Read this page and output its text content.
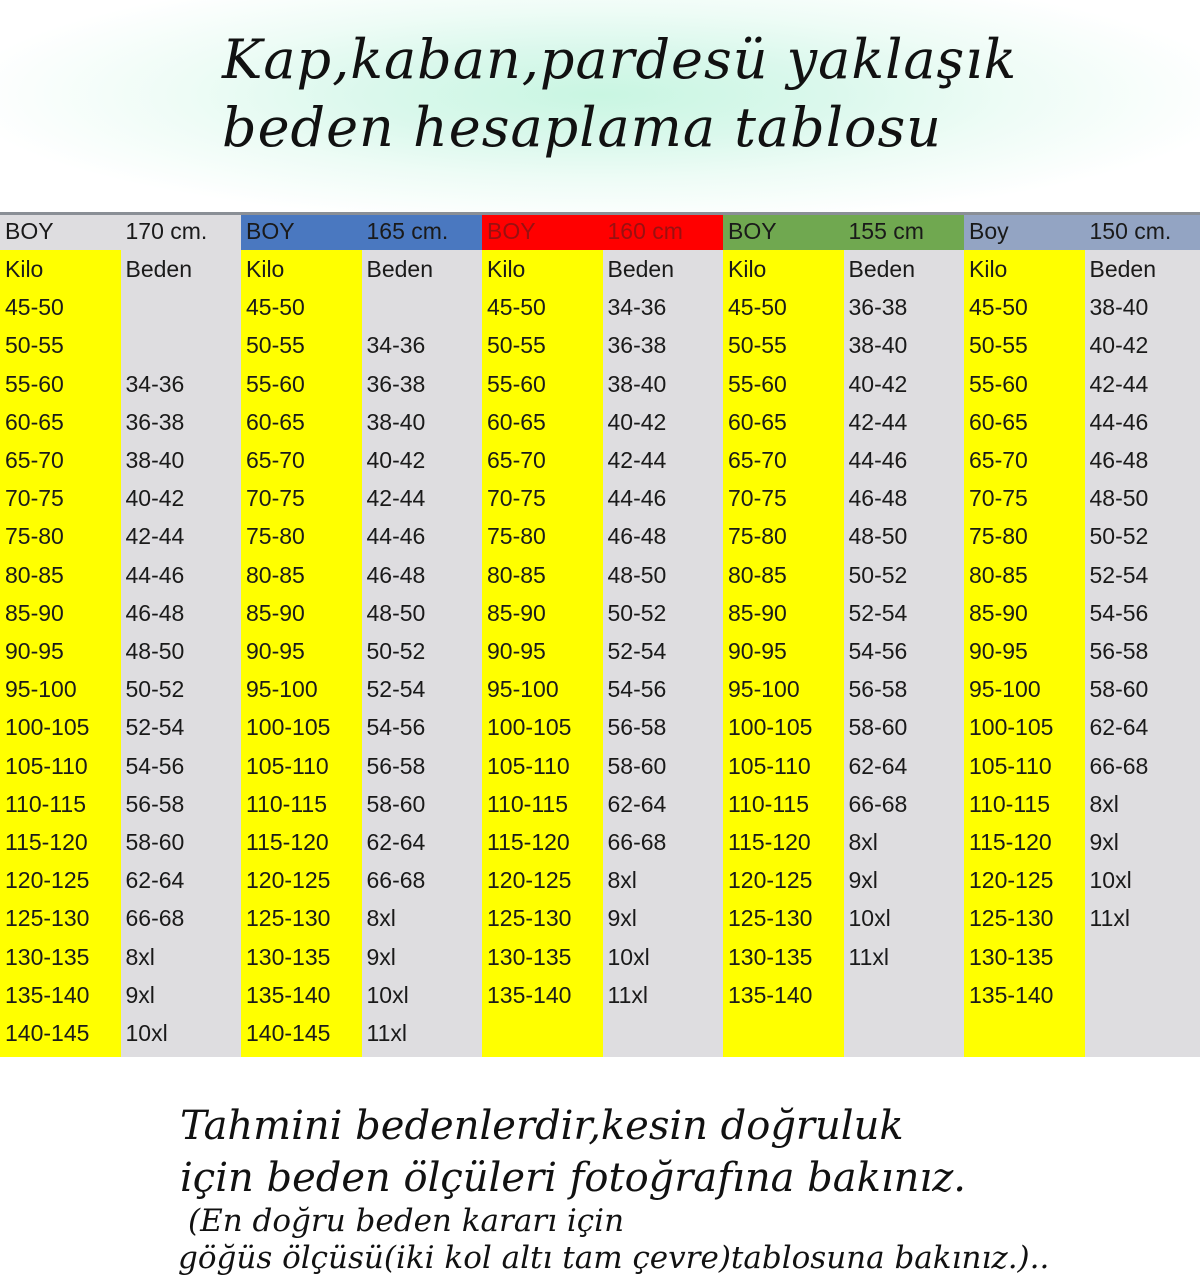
Kap,kaban,pardesü yaklaşık
beden hesaplama tablosu
BOY	170 cm.
Kilo	Beden
45-50
50-55
55-60	34-36
60-65	36-38
65-70	38-40
70-75	40-42
75-80	42-44
80-85	44-46
85-90	46-48
90-95	48-50
95-100 50-52
100-105 52-54
105-110 54-56
110-115 56-58
115-120 58-60
120-125 62-64
125-130 66-68
130-135 8xl
135-140 9xl
140-145 10xl
BOY	165 cm.
Kilo	Beden
45-50
50-55	34-36
55-60	36-38
60-65	38-40
65-70	40-42
70-75	42-44
75-80	44-46
80-85	46-48
85-90	48-50
90-95	50-52
95-100 52-54
100-105 54-56
105-110 56-58
110-115 58-60
115-120 62-64
120-125 66-68
125-130 8xl
130-135 9xl
135-140 10xl
140-145 11xl
BOY	160 cm
Kilo	Beden
45-50	34-36
50-55	36-38
55-60	38-40
60-65	40-42
65-70	42-44
70-75	44-46
75-80	46-48
80-85	48-50
85-90	50-52
90-95	52-54
95-100 54-56
100-105 56-58
105-110 58-60
110-115 62-64
115-120 66-68
120-125 8xl
125-130 9xl
130-135 10xl
135-140 11xl
BOY	155 cm
Kilo	Beden
45-50	36-38
50-55	38-40
55-60	40-42
60-65	42-44
65-70	44-46
70-75	46-48
75-80	48-50
80-85	50-52
85-90	52-54
90-95	54-56
95-100 56-58
100-105 58-60
105-110 62-64
110-115 66-68
115-120 8xl
120-125 9xl
125-130 10xl
130-135 11xl
135-140
Boy	150 cm.
Kilo	Beden
45-50	38-40
50-55	40-42
55-60	42-44
60-65	44-46
65-70	46-48
70-75	48-50
75-80	50-52
80-85	52-54
85-90	54-56
90-95	56-58
95-100 58-60
100-105 62-64
105-110 66-68
110-115 8xl
115-120 9xl
120-125 10xl
125-130 11xl
130-135
135-140
Tahmini bedenlerdir,kesin doğruluk
için beden ölçüleri fotoğrafına bakınız.
(En doğru beden kararı için
göğüs ölçüsü(iki kol altı tam çevre)tablosuna bakınız.)..
